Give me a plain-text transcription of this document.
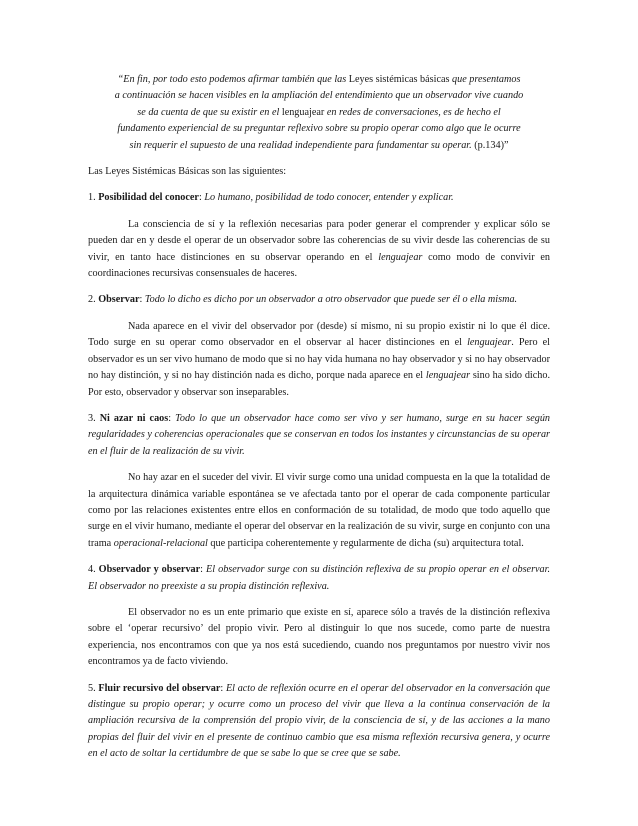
“En fin, por todo esto podemos afirmar también que las Leyes sistémicas básicas que presentamos
a continuación se hacen visibles en la ampliación del entendimiento que un observador vive cuando
se da cuenta de que su existir en el lenguajear en redes de conversaciones, es de hecho el
fundamento experiencial de su preguntar reflexivo sobre su propio operar como algo que le ocurre
sin requerir el supuesto de una realidad independiente para fundamentar su operar. (p.134)”

Las Leyes Sistémicas Básicas son las siguientes:

1. Posibilidad del conocer: Lo humano, posibilidad de todo conocer, entender y explicar.

La consciencia de sí y la reflexión necesarias para poder generar el comprender y explicar sólo se pueden dar en y desde el operar de un observador sobre las coherencias de su vivir desde las coherencias de su vivir, en tanto hace distinciones en su observar operando en el lenguajear como modo de convivir en coordinaciones recursivas consensuales de haceres.

2. Observar: Todo lo dicho es dicho por un observador a otro observador que puede ser él o ella misma.

Nada aparece en el vivir del observador por (desde) sí mismo, ni su propio existir ni lo que él dice. Todo surge en su operar como observador en el observar al hacer distinciones en el lenguajear. Pero el observador es un ser vivo humano de modo que si no hay vida humana no hay observador y si no hay observador no hay distinción, y si no hay distinción nada es dicho, porque nada aparece en el lenguajear sino ha sido dicho. Por esto, observador y observar son inseparables.

3. Ni azar ni caos: Todo lo que un observador hace como ser vivo y ser humano, surge en su hacer según regularidades y coherencias operacionales que se conservan en todos los instantes y circunstancias de su operar en el fluir de la realización de su vivir.

No hay azar en el suceder del vivir. El vivir surge como una unidad compuesta en la que la totalidad de la arquitectura dinámica variable espontánea se ve afectada tanto por el operar de cada componente particular como por las relaciones existentes entre ellos en conformación de su totalidad, de modo que todo aquello que surge en el vivir humano, mediante el operar del observar en la realización de su vivir, surge en conjunto con una trama operacional-relacional que participa coherentemente y regularmente de dicha (su) arquitectura total.

4. Observador y observar: El observador surge con su distinción reflexiva de su propio operar en el observar. El observador no preexiste a su propia distinción reflexiva.

El observador no es un ente primario que existe en sí, aparece sólo a través de la distinción reflexiva sobre el ‘operar recursivo’ del propio vivir. Pero al distinguir lo que nos sucede, como parte de nuestra experiencia, nos encontramos con que ya nos está sucediendo, cuando nos preguntamos por nuestro vivir nos encontramos ya de facto viviendo.

5. Fluir recursivo del observar: El acto de reflexión ocurre en el operar del observador en la conversación que distingue su propio operar; y ocurre como un proceso del vivir que lleva a la continua conservación de la ampliación recursiva de la comprensión del propio vivir, de la consciencia de sí, y de las acciones a la mano propias del fluir del vivir en el presente de continuo cambio que esa misma reflexión recursiva genera, y ocurre en el acto de soltar la certidumbre de que se sabe lo que se cree que se sabe.
